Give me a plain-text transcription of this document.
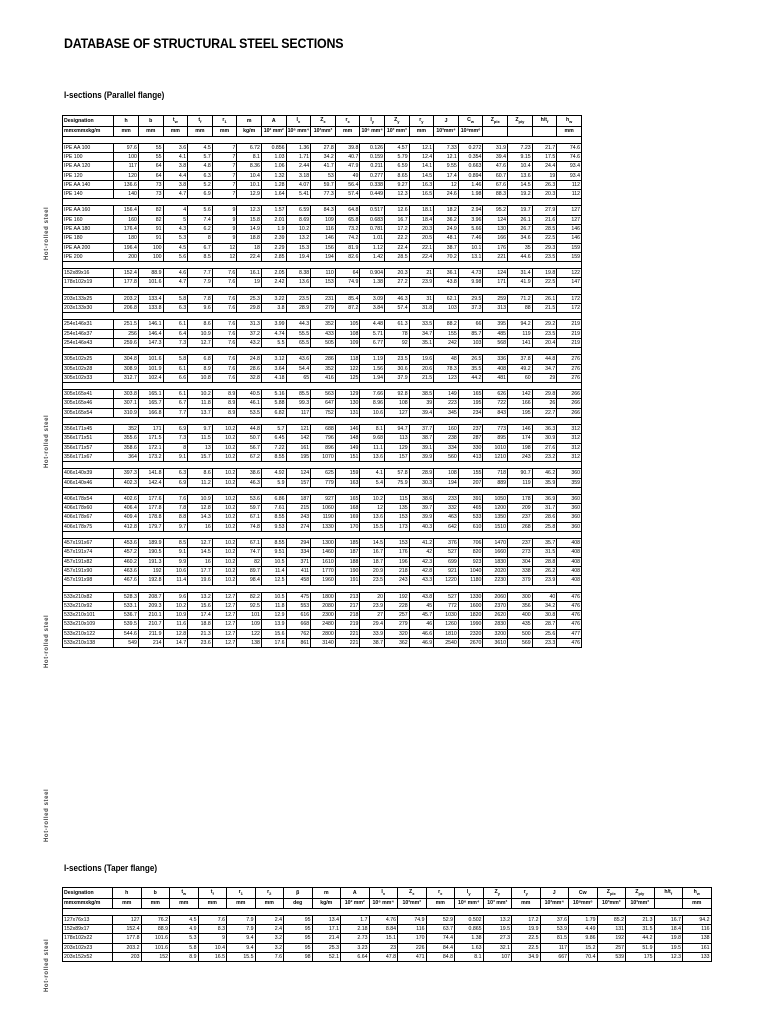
DATABASE OF STRUCTURAL STEEL SECTIONS
I-sections (Parallel flange)
Designation	h	b	$t_w$	$t_f$	$r_1$	m	A	$I_x$	$Z_x$	$r_x$	$I_y$	$Z_y$	$r_y$	J	$C_w$	$Z_{plx}$	$Z_{ply}$	$h/t_f$	$h_w$
mmxmmxkg/m	mm	mm	mm	mm	mm	kg/m	10² mm²	10⁶ mm⁴	10³mm³	mm	10⁶ mm⁴	10³ mm³	mm	10³mm⁴	10⁹mm⁶				mm

IPE AA 100	97.6	55	3.6	4.5	7	6.72	0.856	1.36	27.8	39.8	0.126	4.57	12.1	7.33	0.272	31.9	7.23	21.7	74.6
IPE 100	100	55	4.1	5.7	7	8.1	1.03	1.71	34.2	40.7	0.159	5.79	12.4	12.1	0.354	39.4	9.15	17.5	74.6
IPE AA 120	117	64	3.8	4.8	7	8.36	1.06	2.44	41.7	47.9	0.211	6.59	14.1	9.55	0.663	47.6	10.4	24.4	93.4
IPE 120	120	64	4.4	6.3	7	10.4	1.32	3.18	53	49	0.277	8.65	14.5	17.4	0.894	60.7	13.6	19	93.4
IPE AA 140	136.6	73	3.8	5.2	7	10.1	1.28	4.07	59.7	56.4	0.338	9.27	16.3	12	1.46	67.6	14.5	26.3	112
IPE 140	140	73	4.7	6.9	7	12.9	1.64	5.41	77.3	57.4	0.449	12.3	16.5	24.6	1.98	88.3	19.2	20.3	112

IPE AA 160	156.4	82	4	5.6	9	12.3	1.57	6.59	84.3	64.8	0.517	12.6	18.1	18.2	2.94	95.2	19.7	27.9	127
IPE 160	160	82	5	7.4	9	15.8	2.01	8.69	109	65.8	0.683	16.7	18.4	36.2	3.96	124	26.1	21.6	127
IPE AA 180	176.4	91	4.3	6.2	9	14.9	1.9	10.2	116	73.2	0.781	17.2	20.3	24.9	5.66	130	26.7	28.5	146
IPE 180	180	91	5.3	8	9	18.8	2.39	13.2	146	74.2	1.01	22.2	20.5	48.1	7.46	166	34.6	22.5	146
IPE AA 200	196.4	100	4.5	6.7	12	18	2.29	15.3	156	81.9	1.12	22.4	22.1	38.7	10.1	176	35	29.3	159
IPE 200	200	100	5.6	8.5	12	22.4	2.85	19.4	194	82.6	1.42	28.5	22.4	70.2	13.1	221	44.6	23.5	159

152x89x16	152.4	88.9	4.6	7.7	7.6	16.1	2.05	8.38	110	64	0.904	20.3	21	36.1	4.73	124	31.4	19.8	122
178x102x19	177.8	101.6	4.7	7.9	7.6	19	2.42	13.6	153	74.9	1.38	27.2	23.9	43.8	9.98	171	41.9	22.5	147

203x133x25	203.2	133.4	5.8	7.8	7.6	25.3	3.22	23.5	231	85.4	3.09	46.3	31	62.1	29.5	259	71.2	26.1	172
203x133x30	206.8	133.8	6.3	9.6	7.6	29.8	3.8	28.9	279	87.2	3.84	57.4	31.8	103	37.3	313	88	21.5	172

254x146x31	251.5	146.1	6.1	8.6	7.6	31.3	3.99	44.3	352	105	4.48	61.3	33.5	88.2	66	395	94.2	29.2	219
254x146x37	256	146.4	6.4	10.9	7.6	37.2	4.74	55.5	433	108	5.71	78	34.7	155	85.7	485	119	23.5	219
254x146x43	259.6	147.3	7.3	12.7	7.6	43.2	5.5	65.5	505	109	6.77	92	35.1	242	103	568	141	20.4	219

305x102x25	304.8	101.6	5.8	6.8	7.6	24.8	3.12	43.6	286	118	1.19	23.5	19.6	48	26.5	336	37.8	44.8	276
305x102x28	308.9	101.9	6.1	8.9	7.6	28.6	3.64	54.4	352	122	1.56	30.6	20.6	78.3	35.5	408	49.2	34.7	276
305x102x33	312.7	102.4	6.6	10.8	7.6	32.8	4.18	65	416	125	1.94	37.9	21.5	123	44.2	481	60	29	276

305x165x41	303.8	165.1	6.1	10.2	8.9	40.5	5.16	85.5	563	129	7.66	92.8	38.5	149	165	626	142	29.8	266
305x165x46	307.1	165.7	6.7	11.8	8.9	46.1	5.88	99.3	647	130	8.96	108	39	223	195	722	166	26	266
305x165x54	310.9	166.8	7.7	13.7	8.9	53.5	6.82	117	752	131	10.6	127	39.4	345	234	843	195	22.7	266

356x171x45	352	171	6.9	9.7	10.2	44.8	5.7	121	688	146	8.1	94.7	37.7	160	237	773	146	36.3	312
356x171x51	355.6	171.5	7.3	11.5	10.2	50.7	6.45	142	796	148	9.68	113	38.7	238	287	895	174	30.9	312
356x171x57	358.6	172.1	8	13	10.2	56.7	7.22	161	896	149	11.1	129	39.1	334	330	1010	198	27.6	312
356x171x67	364	173.2	9.1	15.7	10.2	67.2	8.55	195	1070	151	13.6	157	39.9	560	413	1210	243	23.2	312

406x140x39	397.3	141.8	6.3	8.6	10.2	38.6	4.92	124	625	159	4.1	57.8	28.9	108	155	718	90.7	46.2	360
406x140x46	402.3	142.4	6.9	11.2	10.2	46.3	5.9	157	779	163	5.4	75.9	30.3	194	207	889	119	35.9	359

406x178x54	402.6	177.6	7.6	10.9	10.2	53.6	6.86	187	927	165	10.2	115	38.6	233	391	1050	178	36.9	360
406x178x60	406.4	177.8	7.8	12.8	10.2	59.7	7.61	215	1060	168	12	135	39.7	332	465	1200	209	31.7	360
406x178x67	409.4	178.8	8.8	14.3	10.2	67.1	8.55	243	1190	169	13.6	153	39.9	463	533	1350	237	28.6	360
406x178x75	412.8	179.7	9.7	16	10.2	74.8	9.53	274	1330	170	15.5	173	40.3	642	610	1510	268	25.8	360

457x191x67	453.6	189.9	8.5	12.7	10.2	67.1	8.55	294	1300	185	14.5	153	41.2	376	706	1470	237	35.7	408
457x191x74	457.2	190.5	9.1	14.5	10.2	74.7	9.51	334	1460	187	16.7	176	42	527	820	1660	273	31.5	408
457x191x82	460.2	191.3	9.9	16	10.2	82	10.5	371	1610	188	18.7	196	42.3	699	923	1830	304	28.8	408
457x191x90	463.6	192	10.6	17.7	10.2	89.7	11.4	411	1770	190	20.9	218	42.8	921	1040	2020	338	26.2	408
457x191x98	467.6	192.8	11.4	19.6	10.2	98.4	12.5	458	1960	191	23.5	243	43.3	1220	1180	2230	379	23.9	408

533x210x82	528.3	208.7	9.6	13.2	12.7	82.2	10.5	475	1800	213	20	192	43.8	527	1330	2060	300	40	476
533x210x92	533.1	209.3	10.2	15.6	12.7	92.5	11.8	553	2080	217	23.9	228	45	772	1600	2370	356	34.2	476
533x210x101	536.7	210.1	10.9	17.4	12.7	101	12.9	616	2300	218	27	257	45.7	1030	1820	2620	400	30.8	476
533x210x109	539.5	210.7	11.6	18.8	12.7	109	13.9	668	2480	219	29.4	279	46	1260	1990	2830	435	28.7	476
533x210x122	544.6	211.9	12.8	21.3	12.7	122	15.6	762	2800	221	33.9	320	46.6	1810	2320	3200	500	25.6	477
533x210x138	549	214	14.7	23.6	12.7	138	17.6	861	3140	221	38.7	362	46.9	2540	2670	3610	569	23.3	476
Hot-rolled steel
Hot-rolled steel
Hot-rolled steel
Hot-rolled steel
I-sections (Taper flange)
Designation	h	b	$t_w$	$t_f$	$r_1$	$r_2$	β	m	A	$I_x$	$Z_x$	$r_x$	$I_y$	$Z_y$	$r_y$	J	Cw	$Z_{plx}$	$Z_{ply}$	$h/t_f$	$h_w$
mmxmmxkg/m	mm	mm	mm	mm	mm	mm	deg	kg/m	10² mm²	10⁶ mm⁴	10³mm³	mm	10⁶ mm⁴	10³ mm³	mm	10³mm⁴	10⁹mm⁶	10³mm³	10³mm³		mm

127x76x13	127	76.2	4.5	7.6	7.9	2.4	95	13.4	1.7	4.76	74.9	52.9	0.502	13.2	17.2	37.6	1.79	85.2	21.3	16.7	94.2
152x89x17	152.4	88.9	4.9	8.3	7.9	2.4	95	17.1	2.18	8.84	116	63.7	0.865	19.5	19.9	53.9	4.49	131	31.5	18.4	116
178x102x22	177.8	101.6	5.3	9	9.4	3.2	95	21.4	2.73	15.1	170	74.4	1.38	27.3	22.5	81.5	9.86	192	44.2	19.8	138
203x102x23	203.2	101.6	5.8	10.4	9.4	3.2	95	25.3	3.23	23	226	84.4	1.63	32.1	22.5	117	15.2	257	51.9	19.5	161
203x152x52	203	152	8.9	16.5	15.5	7.6	98	52.1	6.64	47.8	471	84.8	8.1	107	34.9	667	70.4	539	175	12.3	133
Hot-rolled steel
